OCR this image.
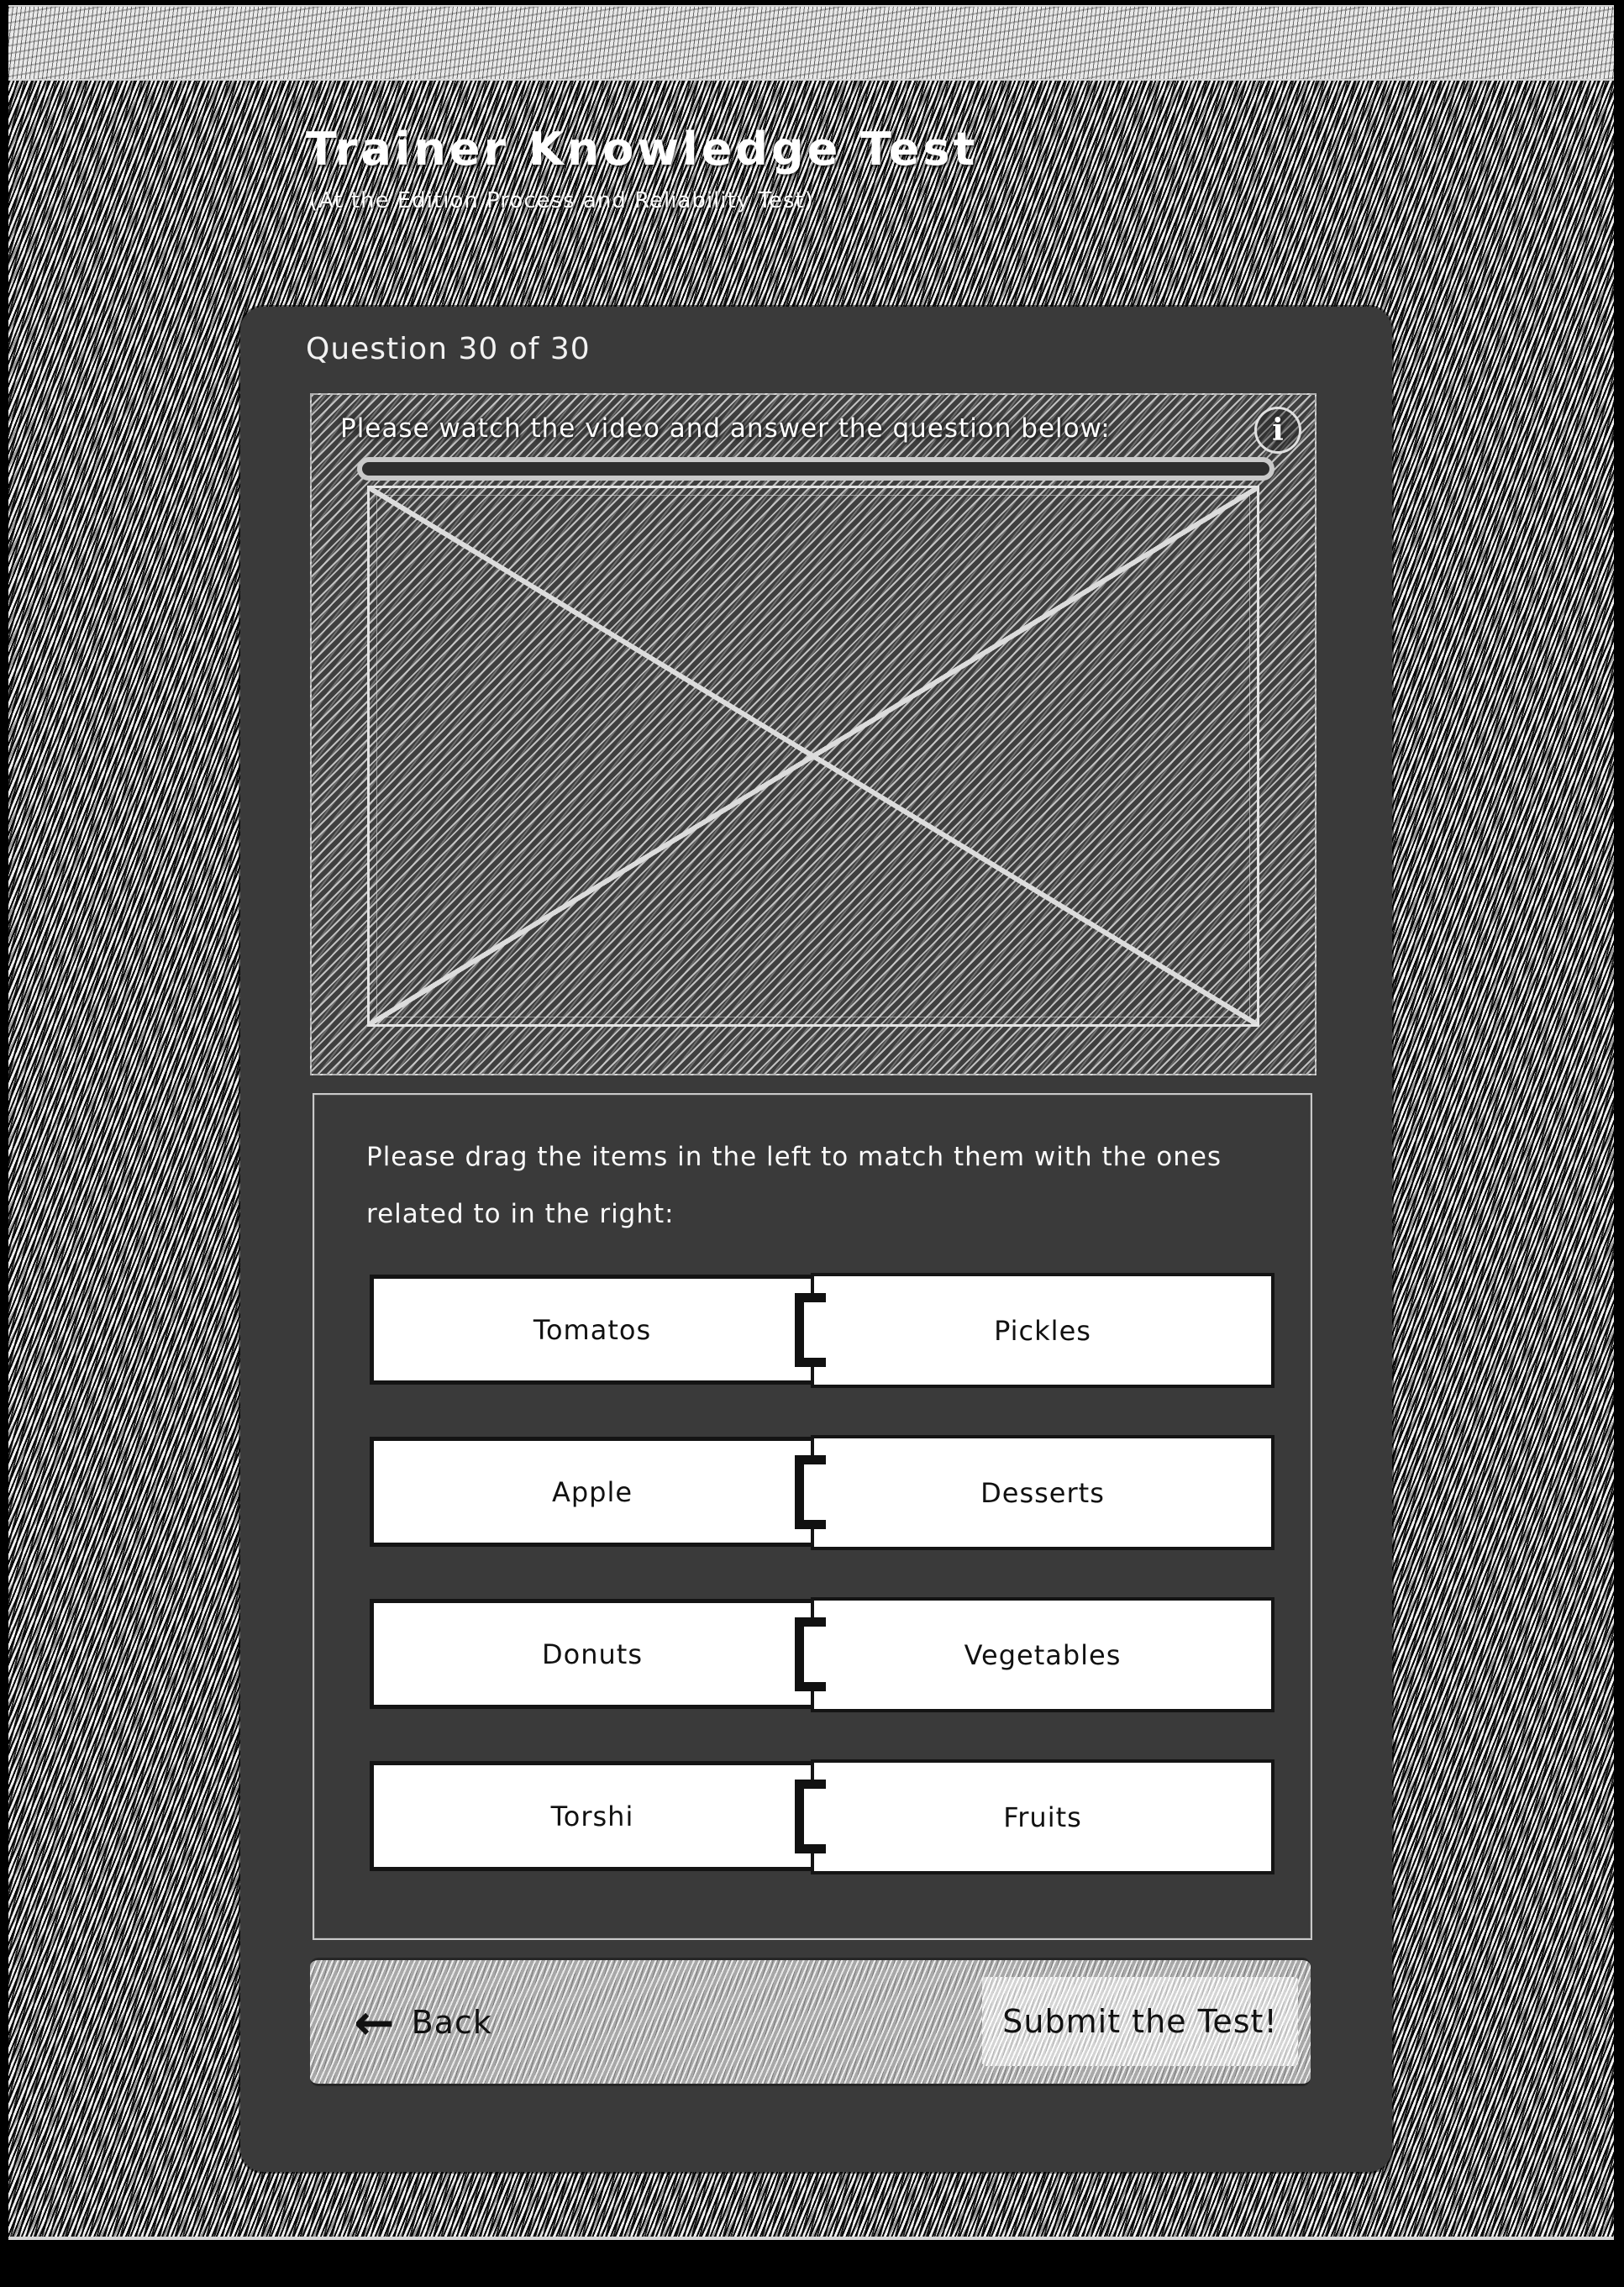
Trainer Knowledge Test
(At the Edition Process and Reliability Test)
Question 30 of 30
Please watch the video and answer the question below:	i
Please drag the items in the left to match them with the ones
related to in the right:
Tomatos	Pickles
Apple	Desserts
Donuts	Vegetables
Torshi	Fruits
← Back	Submit the Test!
